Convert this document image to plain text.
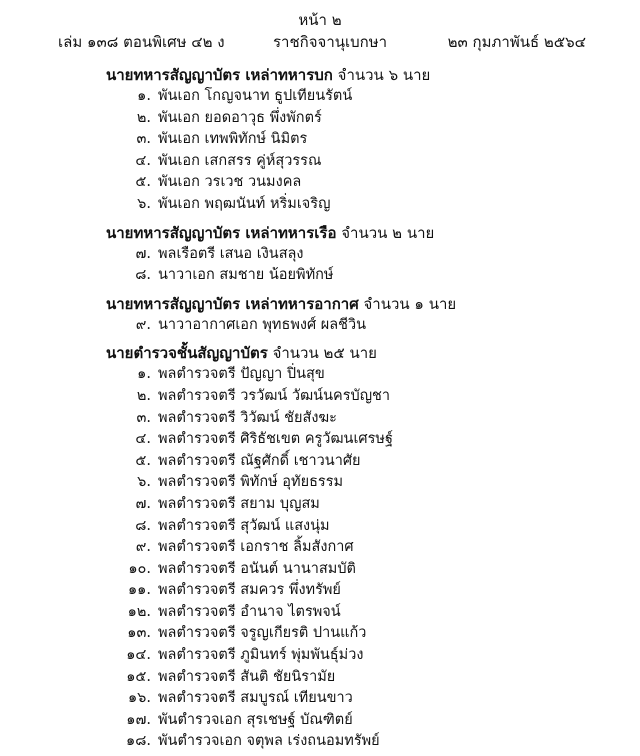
หน้า ๒
เล่ม ๑๓๘ ตอนพิเศษ ๔๒ ง	ราชกิจจานุเบกษา	๒๓ กุมภาพันธ์ ๒๕๖๔
นายทหารสัญญาบัตร เหล่าทหารบก จำนวน ๖ นาย
๑. พันเอก โกญจนาท ธูปเทียนรัตน์
๒. พันเอก ยอดอาวุธ พึ่งพักตร์
๓. พันเอก เทพพิทักษ์ นิมิตร
๔. พันเอก เสกสรร คู่ห์สุวรรณ
๕. พันเอก วรเวช วนมงคล
๖. พันเอก พฤฒนันท์ หริ่มเจริญ
นายทหารสัญญาบัตร เหล่าทหารเรือ จำนวน ๒ นาย
๗. พลเรือตรี เสนอ เงินสลุง
๘. นาวาเอก สมชาย น้อยพิทักษ์
นายทหารสัญญาบัตร เหล่าทหารอากาศ จำนวน ๑ นาย
๙. นาวาอากาศเอก พุทธพงศ์ ผลชีวิน
นายตำรวจชั้นสัญญาบัตร จำนวน ๒๕ นาย
๑. พลตำรวจตรี ปัญญา ปิ่นสุข
๒. พลตำรวจตรี วรวัฒน์ วัฒน์นครบัญชา
๓. พลตำรวจตรี วิวัฒน์ ชัยสังฆะ
๔. พลตำรวจตรี ศิริธัชเขต ครูวัฒนเศรษฐ์
๕. พลตำรวจตรี ณัฐศักดิ์ เชาวนาศัย
๖. พลตำรวจตรี พิทักษ์ อุทัยธรรม
๗. พลตำรวจตรี สยาม บุญสม
๘. พลตำรวจตรี สุวัฒน์ แสงนุ่ม
๙. พลตำรวจตรี เอกราช ลิ้มสังกาศ
๑๐. พลตำรวจตรี อนันต์ นานาสมบัติ
๑๑. พลตำรวจตรี สมควร พึ่งทรัพย์
๑๒. พลตำรวจตรี อำนาจ ไตรพจน์
๑๓. พลตำรวจตรี จรูญเกียรติ ปานแก้ว
๑๔. พลตำรวจตรี ภูมินทร์ พุ่มพันธุ์ม่วง
๑๕. พลตำรวจตรี สันติ ชัยนิรามัย
๑๖. พลตำรวจตรี สมบูรณ์ เทียนขาว
๑๗. พันตำรวจเอก สุรเชษฐ์ บัณฑิตย์
๑๘. พันตำรวจเอก จตุพล เร่งถนอมทรัพย์
